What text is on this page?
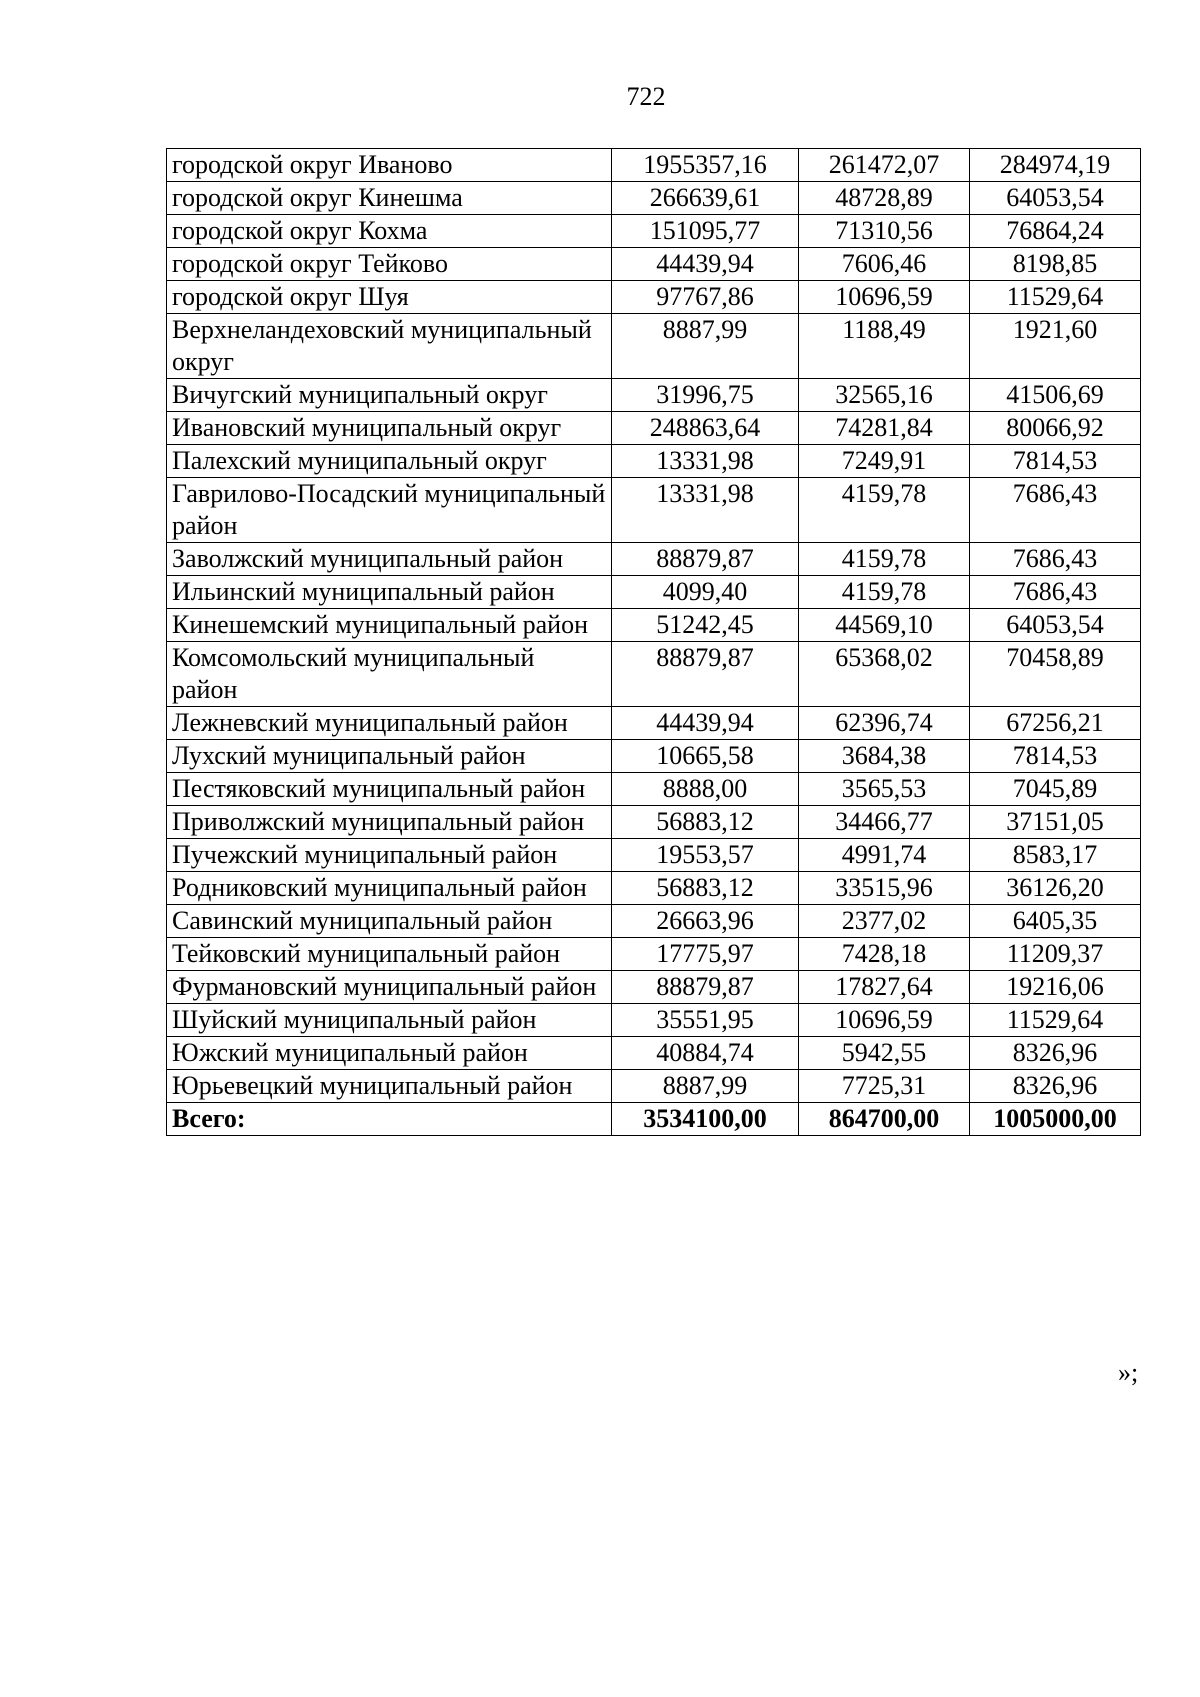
722
городской округ Иваново	1955357,16	261472,07	284974,19
городской округ Кинешма	266639,61	48728,89	64053,54
городской округ Кохма	151095,77	71310,56	76864,24
городской округ Тейково	44439,94	7606,46	8198,85
городской округ Шуя	97767,86	10696,59	11529,64
Верхнеландеховский муниципальный округ	8887,99	1188,49	1921,60
Вичугский муниципальный округ	31996,75	32565,16	41506,69
Ивановский муниципальный округ	248863,64	74281,84	80066,92
Палехский муниципальный округ	13331,98	7249,91	7814,53
Гаврилово-Посадский муниципальный район	13331,98	4159,78	7686,43
Заволжский муниципальный район	88879,87	4159,78	7686,43
Ильинский муниципальный район	4099,40	4159,78	7686,43
Кинешемский муниципальный район	51242,45	44569,10	64053,54
Комсомольский муниципальный район	88879,87	65368,02	70458,89
Лежневский муниципальный район	44439,94	62396,74	67256,21
Лухский муниципальный район	10665,58	3684,38	7814,53
Пестяковский муниципальный район	8888,00	3565,53	7045,89
Приволжский муниципальный район	56883,12	34466,77	37151,05
Пучежский муниципальный район	19553,57	4991,74	8583,17
Родниковский муниципальный район	56883,12	33515,96	36126,20
Савинский муниципальный район	26663,96	2377,02	6405,35
Тейковский муниципальный район	17775,97	7428,18	11209,37
Фурмановский муниципальный район	88879,87	17827,64	19216,06
Шуйский муниципальный район	35551,95	10696,59	11529,64
Южский муниципальный район	40884,74	5942,55	8326,96
Юрьевецкий муниципальный район	8887,99	7725,31	8326,96
Всего:	3534100,00	864700,00	1005000,00
»;
